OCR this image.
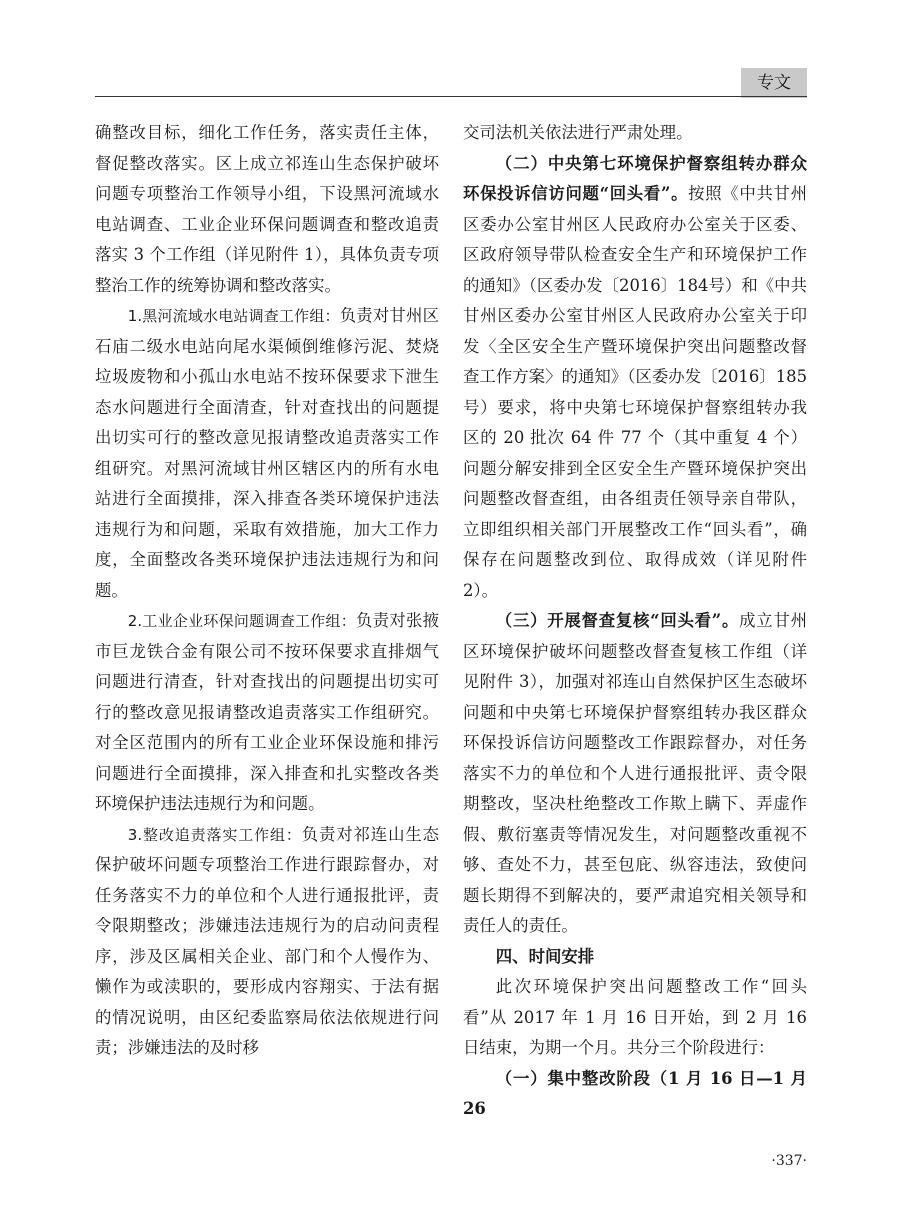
专文

确整改目标，细化工作任务，落实责任主体，督促整改落实。区上成立祁连山生态保护破坏问题专项整治工作领导小组，下设黑河流域水电站调查、工业企业环保问题调查和整改追责落实 3 个工作组（详见附件 1），具体负责专项整治工作的统筹协调和整改落实。

1.黑河流域水电站调查工作组：负责对甘州区石庙二级水电站向尾水渠倾倒维修污泥、焚烧垃圾废物和小孤山水电站不按环保要求下泄生态水问题进行全面清查，针对查找出的问题提出切实可行的整改意见报请整改追责落实工作组研究。对黑河流域甘州区辖区内的所有水电站进行全面摸排，深入排查各类环境保护违法违规行为和问题，采取有效措施，加大工作力度，全面整改各类环境保护违法违规行为和问题。

2.工业企业环保问题调查工作组：负责对张掖市巨龙铁合金有限公司不按环保要求直排烟气问题进行清查，针对查找出的问题提出切实可行的整改意见报请整改追责落实工作组研究。对全区范围内的所有工业企业环保设施和排污问题进行全面摸排，深入排查和扎实整改各类环境保护违法违规行为和问题。

3.整改追责落实工作组：负责对祁连山生态保护破坏问题专项整治工作进行跟踪督办，对任务落实不力的单位和个人进行通报批评，责令限期整改；涉嫌违法违规行为的启动问责程序，涉及区属相关企业、部门和个人慢作为、懒作为或渎职的，要形成内容翔实、于法有据的情况说明，由区纪委监察局依法依规进行问责；涉嫌违法的及时移

交司法机关依法进行严肃处理。

（二）中央第七环境保护督察组转办群众环保投诉信访问题“回头看”。按照《中共甘州区委办公室甘州区人民政府办公室关于区委、区政府领导带队检查安全生产和环境保护工作的通知》（区委办发〔2016〕184号）和《中共甘州区委办公室甘州区人民政府办公室关于印发〈全区安全生产暨环境保护突出问题整改督查工作方案〉的通知》（区委办发〔2016〕185 号）要求，将中央第七环境保护督察组转办我区的 20 批次 64 件 77 个（其中重复 4 个）问题分解安排到全区安全生产暨环境保护突出问题整改督查组，由各组责任领导亲自带队，立即组织相关部门开展整改工作“回头看”，确保存在问题整改到位、取得成效（详见附件 2）。

（三）开展督查复核“回头看”。成立甘州区环境保护破坏问题整改督查复核工作组（详见附件 3），加强对祁连山自然保护区生态破坏问题和中央第七环境保护督察组转办我区群众环保投诉信访问题整改工作跟踪督办，对任务落实不力的单位和个人进行通报批评、责令限期整改，坚决杜绝整改工作欺上瞒下、弄虚作假、敷衍塞责等情况发生，对问题整改重视不够、查处不力，甚至包庇、纵容违法，致使问题长期得不到解决的，要严肃追究相关领导和责任人的责任。

四、时间安排

此次环境保护突出问题整改工作“回头看”从 2017 年 1 月 16 日开始，到 2 月 16 日结束，为期一个月。共分三个阶段进行：

（一）集中整改阶段（1 月 16 日—1 月 26

·337·
